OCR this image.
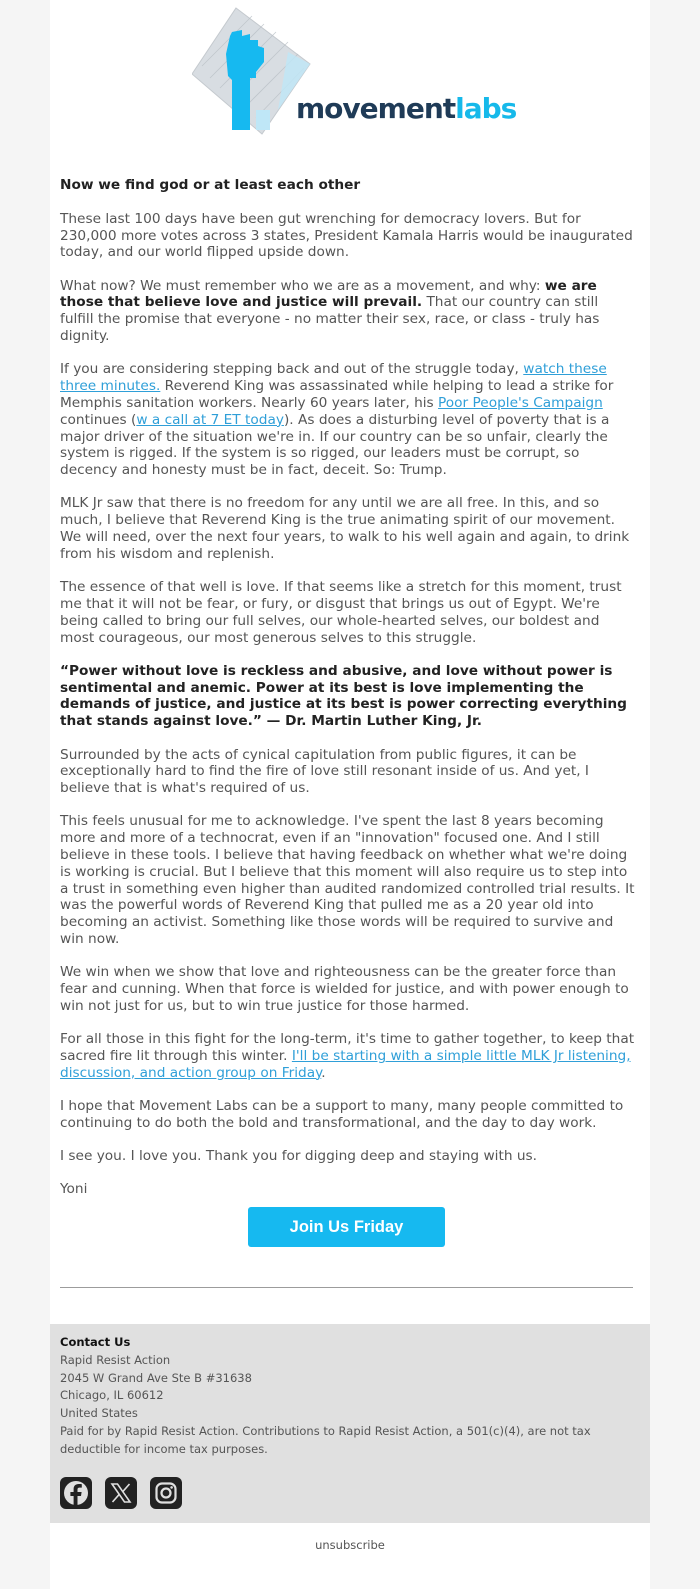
movementlabs

Now we find god or at least each other

These last 100 days have been gut wrenching for democracy lovers. But for 230,000 more votes across 3 states, President Kamala Harris would be inaugurated today, and our world flipped upside down.

What now? We must remember who we are as a movement, and why: we are those that believe love and justice will prevail. That our country can still fulfill the promise that everyone - no matter their sex, race, or class - truly has dignity.

If you are considering stepping back and out of the struggle today, watch these three minutes. Reverend King was assassinated while helping to lead a strike for Memphis sanitation workers. Nearly 60 years later, his Poor People's Campaign continues (w a call at 7 ET today). As does a disturbing level of poverty that is a major driver of the situation we're in. If our country can be so unfair, clearly the system is rigged. If the system is so rigged, our leaders must be corrupt, so decency and honesty must be in fact, deceit. So: Trump.

MLK Jr saw that there is no freedom for any until we are all free. In this, and so much, I believe that Reverend King is the true animating spirit of our movement. We will need, over the next four years, to walk to his well again and again, to drink from his wisdom and replenish.

The essence of that well is love. If that seems like a stretch for this moment, trust me that it will not be fear, or fury, or disgust that brings us out of Egypt. We're being called to bring our full selves, our whole-hearted selves, our boldest and most courageous, our most generous selves to this struggle.

“Power without love is reckless and abusive, and love without power is sentimental and anemic. Power at its best is love implementing the demands of justice, and justice at its best is power correcting everything that stands against love.” — Dr. Martin Luther King, Jr.

Surrounded by the acts of cynical capitulation from public figures, it can be exceptionally hard to find the fire of love still resonant inside of us. And yet, I believe that is what's required of us.

This feels unusual for me to acknowledge. I've spent the last 8 years becoming more and more of a technocrat, even if an "innovation" focused one. And I still believe in these tools. I believe that having feedback on whether what we're doing is working is crucial. But I believe that this moment will also require us to step into a trust in something even higher than audited randomized controlled trial results. It was the powerful words of Reverend King that pulled me as a 20 year old into becoming an activist. Something like those words will be required to survive and win now.

We win when we show that love and righteousness can be the greater force than fear and cunning. When that force is wielded for justice, and with power enough to win not just for us, but to win true justice for those harmed.

For all those in this fight for the long-term, it's time to gather together, to keep that sacred fire lit through this winter. I'll be starting with a simple little MLK Jr listening, discussion, and action group on Friday.

I hope that Movement Labs can be a support to many, many people committed to continuing to do both the bold and transformational, and the day to day work.

I see you. I love you. Thank you for digging deep and staying with us.

Yoni

Join Us Friday
Contact Us
Rapid Resist Action
2045 W Grand Ave Ste B #31638
Chicago, IL 60612
United States
Paid for by Rapid Resist Action. Contributions to Rapid Resist Action, a 501(c)(4), are not tax deductible for income tax purposes.
unsubscribe
